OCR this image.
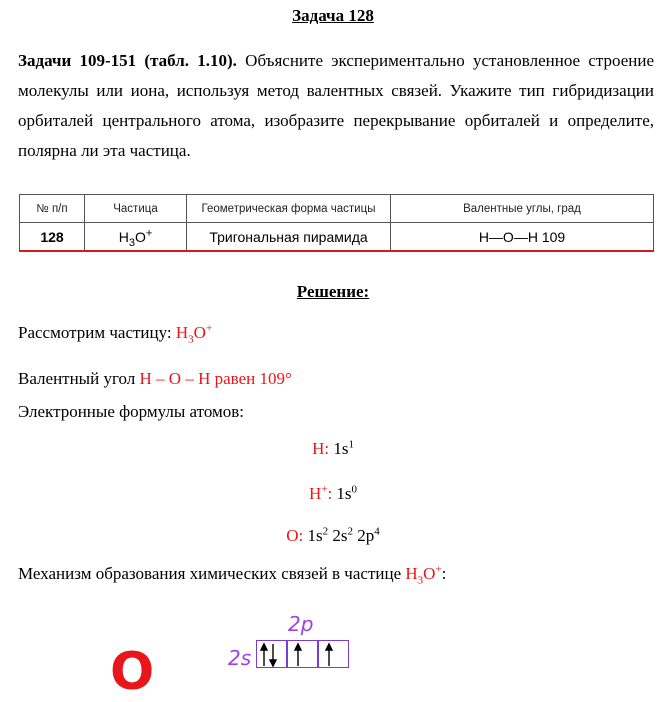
Задача 128
Задачи 109-151 (табл. 1.10). Объясните экспериментально установленное строение молекулы или иона, используя метод валентных связей. Укажите тип гибридизации орбиталей центрального атома, изобразите перекрывание орбиталей и определите, полярна ли эта частица.
№ п/п	Частица	Геометрическая форма частицы	Валентные углы, град
128	$H_3O^+$	Тригональная пирамида	H—O—H 109
Решение:
Рассмотрим частицу: $H_3O^+$
Валентный угол H – O – H равен 109°
Электронные формулы атомов:
H: $1s^1$
H+: $1s^0$
O: $1s^2$ $2s^2$ $2p^4$
Механизм образования химических связей в частице $H_3O^+$:
2p
2s
O
